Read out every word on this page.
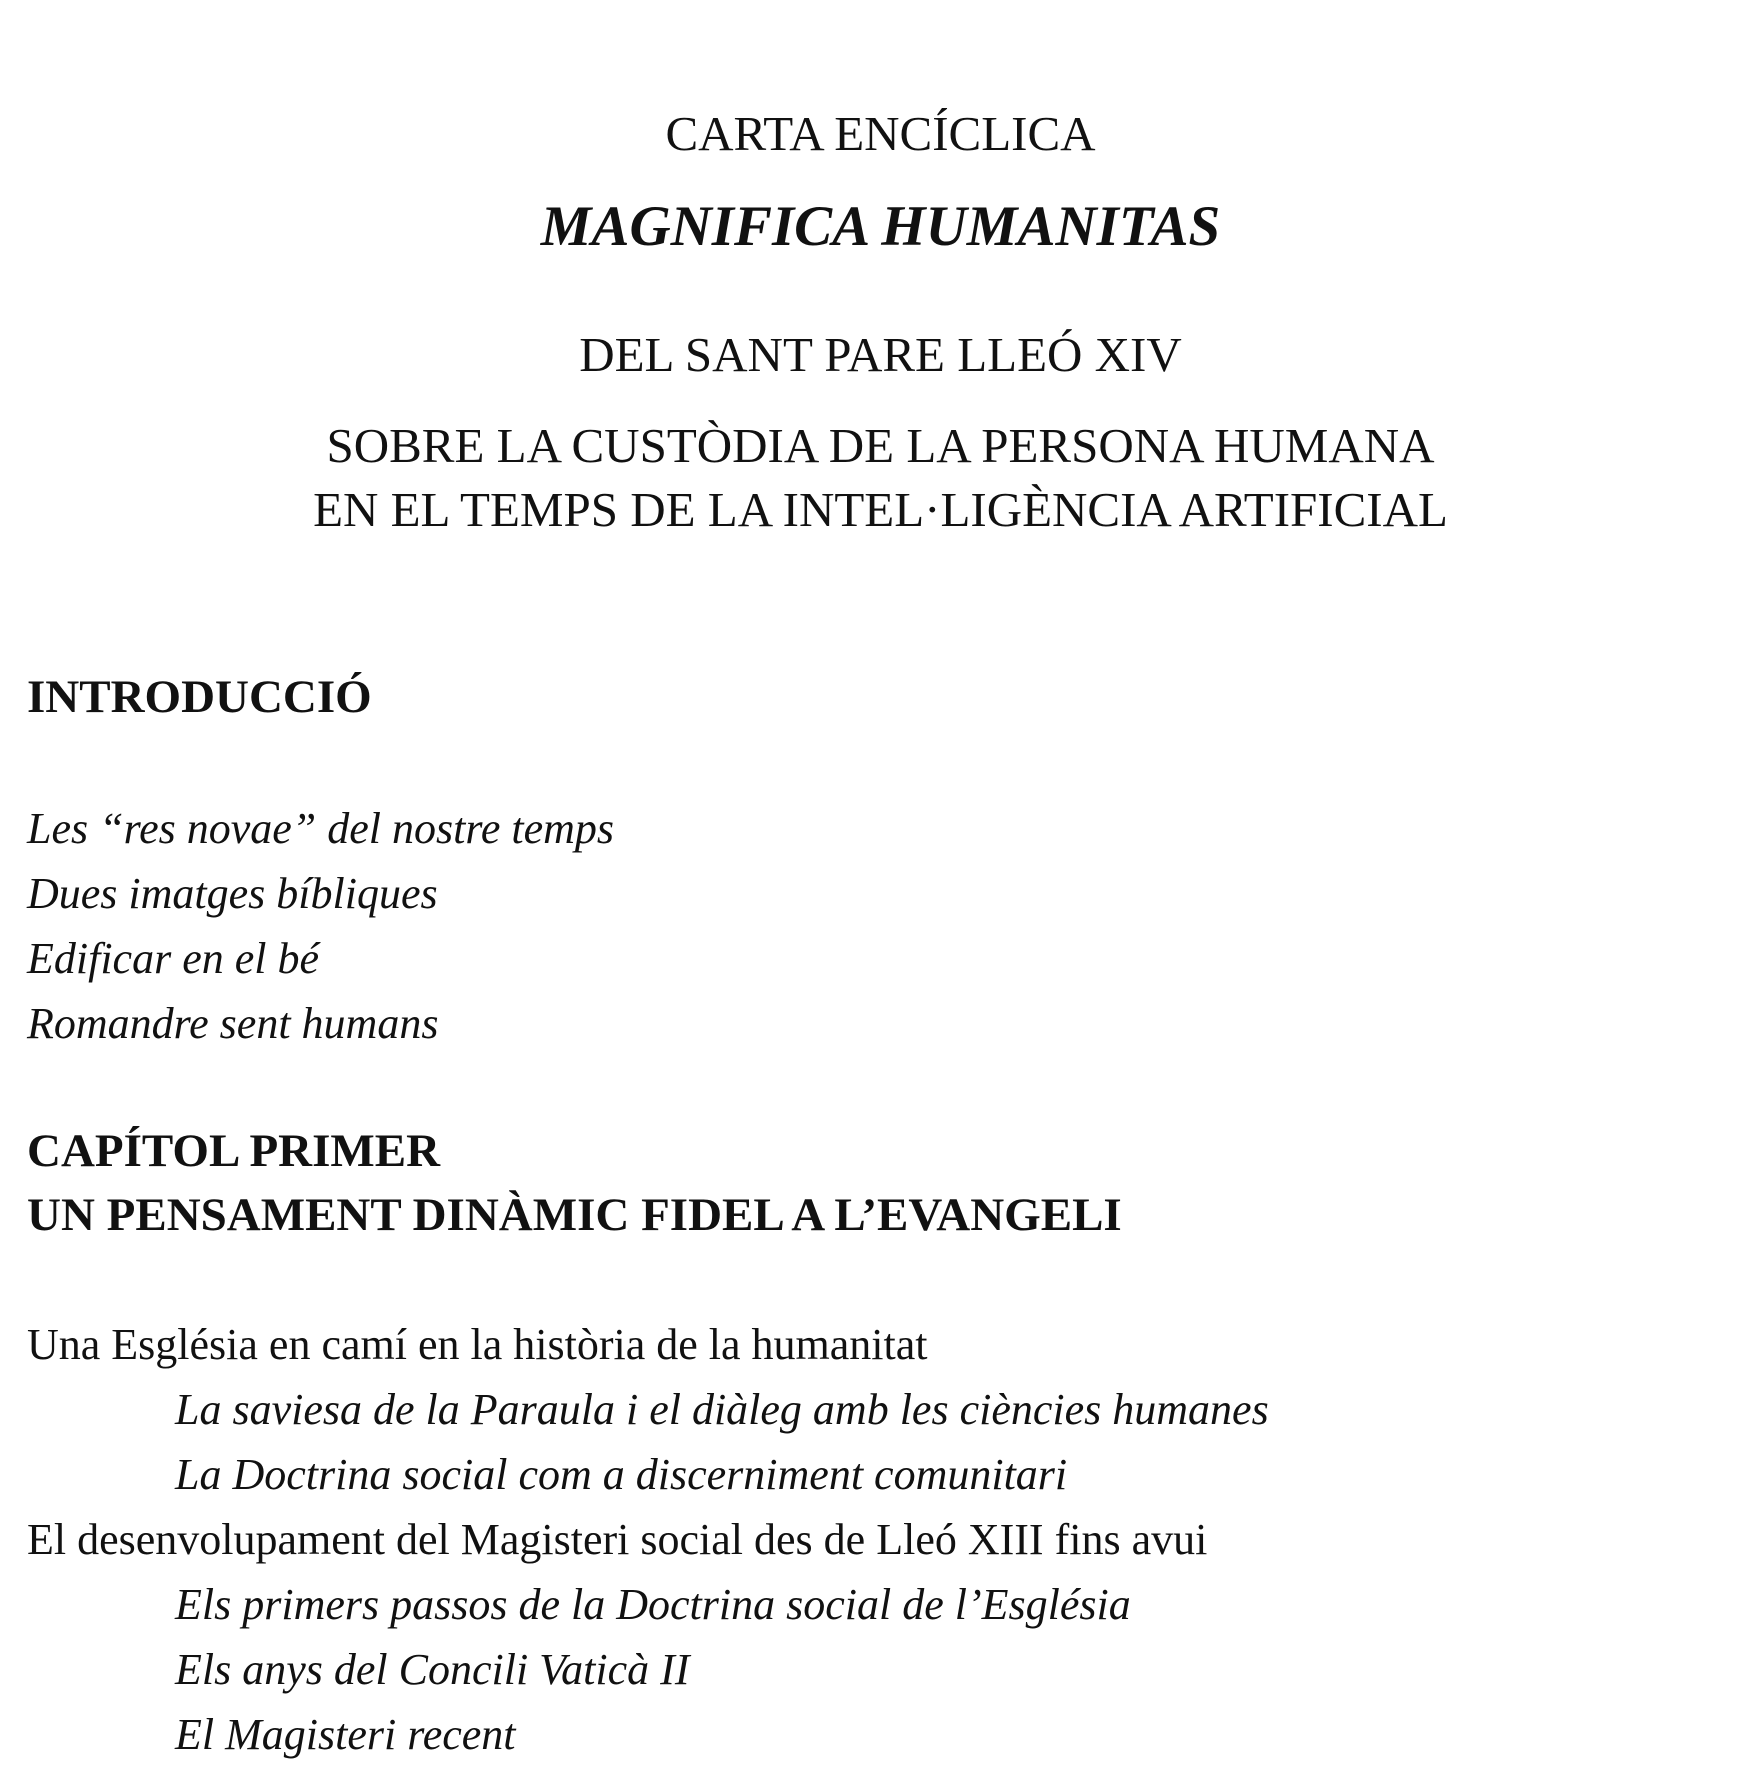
CARTA ENCÍCLICA
MAGNIFICA HUMANITAS
DEL SANT PARE LLEÓ XIV
SOBRE LA CUSTÒDIA DE LA PERSONA HUMANA
EN EL TEMPS DE LA INTEL·LIGÈNCIA ARTIFICIAL
INTRODUCCIÓ
Les “res novae” del nostre temps
Dues imatges bíbliques
Edificar en el bé
Romandre sent humans
CAPÍTOL PRIMER
UN PENSAMENT DINÀMIC FIDEL A L’EVANGELI
Una Església en camí en la història de la humanitat
La saviesa de la Paraula i el diàleg amb les ciències humanes
La Doctrina social com a discerniment comunitari
El desenvolupament del Magisteri social des de Lleó XIII fins avui
Els primers passos de la Doctrina social de l’Església
Els anys del Concili Vaticà II
El Magisteri recent
